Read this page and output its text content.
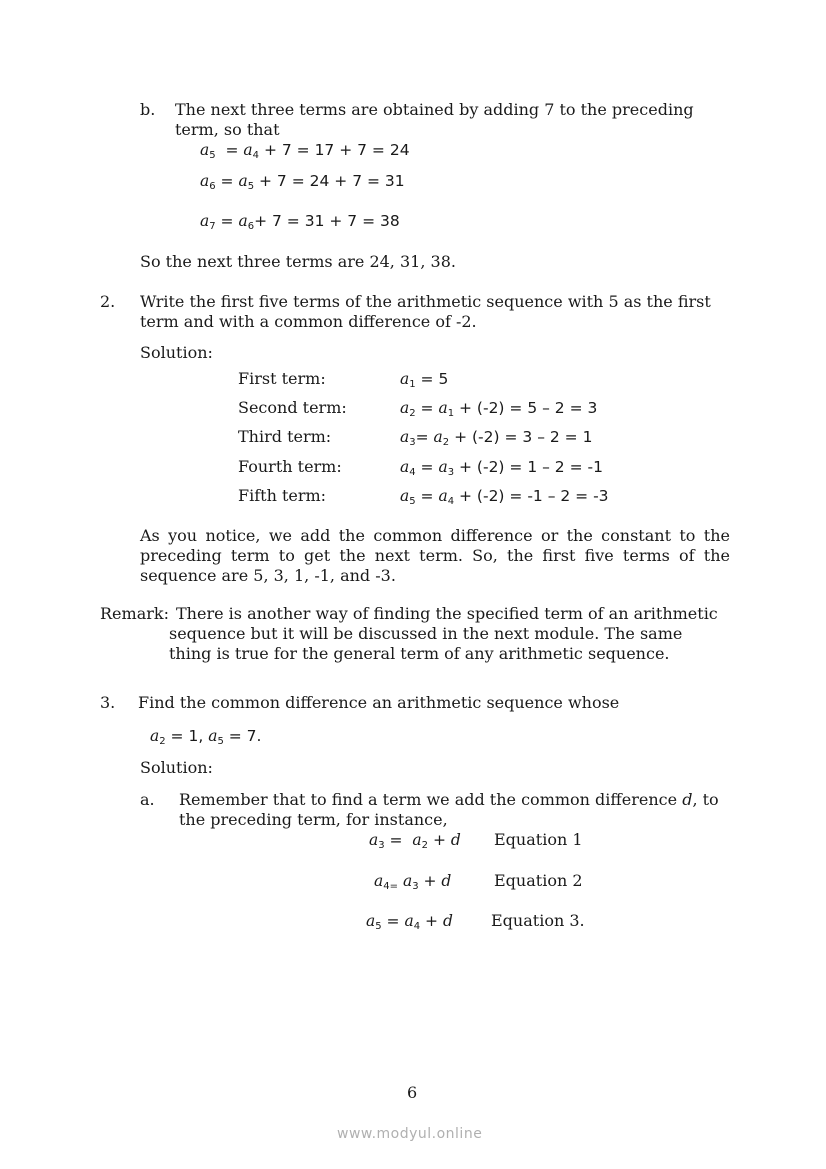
b. The next three terms are obtained by adding 7 to the preceding
term, so that
$a_5 = a_4 + 7 = 17 + 7 = 24$
$a_6 = a_5 + 7 = 24 + 7 = 31$
$a_7 = a_6+ 7 = 31 + 7 = 38$
So the next three terms are 24, 31, 38.
2. Write the first five terms of the arithmetic sequence with 5 as the first
term and with a common difference of -2.
Solution:
First term:	$a_1 = 5$
Second term:	$a_2 = a_1 + (-2) = 5 - 2 = 3$
Third term:	$a_3= a_2 + (-2) = 3 - 2 = 1$
Fourth term:	$a_4 = a_3 + (-2) = 1 - 2 = -1$
Fifth term:	$a_5 = a_4 + (-2) = -1 - 2 = -3$
As you notice, we add the common difference or the constant to the preceding term to get the next term. So, the first five terms of the sequence are 5, 3, 1, -1, and -3.
Remark: There is another way of finding the specified term of an arithmetic
sequence but it will be discussed in the next module. The same
thing is true for the general term of any arithmetic sequence.
3. Find the common difference an arithmetic sequence whose
$a_2 = 1$, $a_5 = 7$.
Solution:
a. Remember that to find a term we add the common difference d, to
the preceding term, for instance,
$a_3 = a_2 + d$ Equation 1
$a_{4=}$ $a_3 + d$	Equation 2
$a_5 = a_4 + d$ Equation 3.
6
www.modyul.online
